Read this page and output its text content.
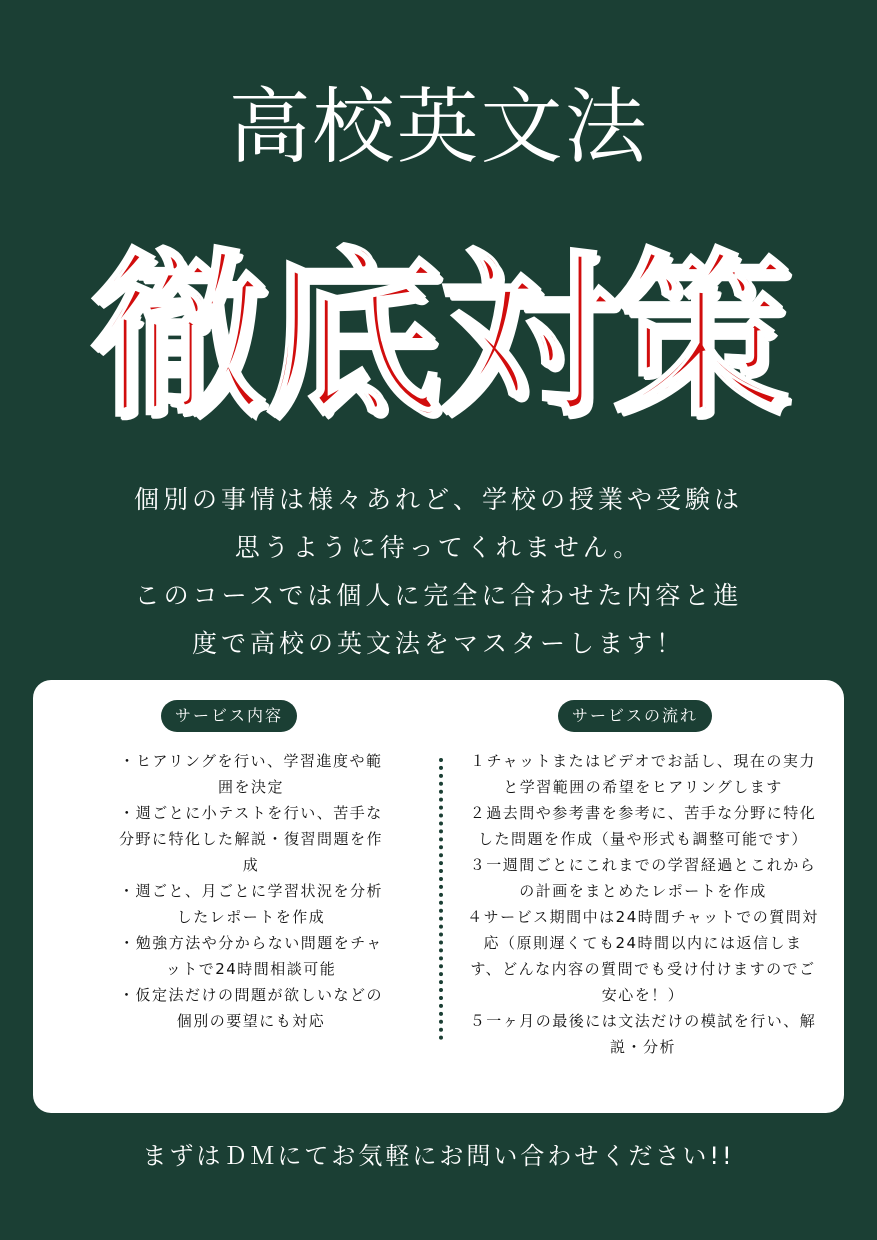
高校英文法
徹底対策
個別の事情は様々あれど、学校の授業や受験は
思うように待ってくれません。
このコースでは個人に完全に合わせた内容と進
度で高校の英文法をマスターします！
サービス内容	サービスの流れ

・ヒアリングを行い、学習進度や範

囲を決定

・週ごとに小テストを行い、苦手な

分野に特化した解説・復習問題を作

成

・週ごと、月ごとに学習状況を分析

したレポートを作成

・勉強方法や分からない問題をチャ

ットで24時間相談可能

・仮定法だけの問題が欲しいなどの

個別の要望にも対応

１チャットまたはビデオでお話し、現在の実力

と学習範囲の希望をヒアリングします

２過去問や参考書を参考に、苦手な分野に特化

した問題を作成（量や形式も調整可能です）

３一週間ごとにこれまでの学習経過とこれから

の計画をまとめたレポートを作成

４サービス期間中は24時間チャットでの質問対

応（原則遅くても24時間以内には返信しま

す、どんな内容の質問でも受け付けますのでご

安心を！）

５一ヶ月の最後には文法だけの模試を行い、解

説・分析

まずはＤＭにてお気軽にお問い合わせください!!
